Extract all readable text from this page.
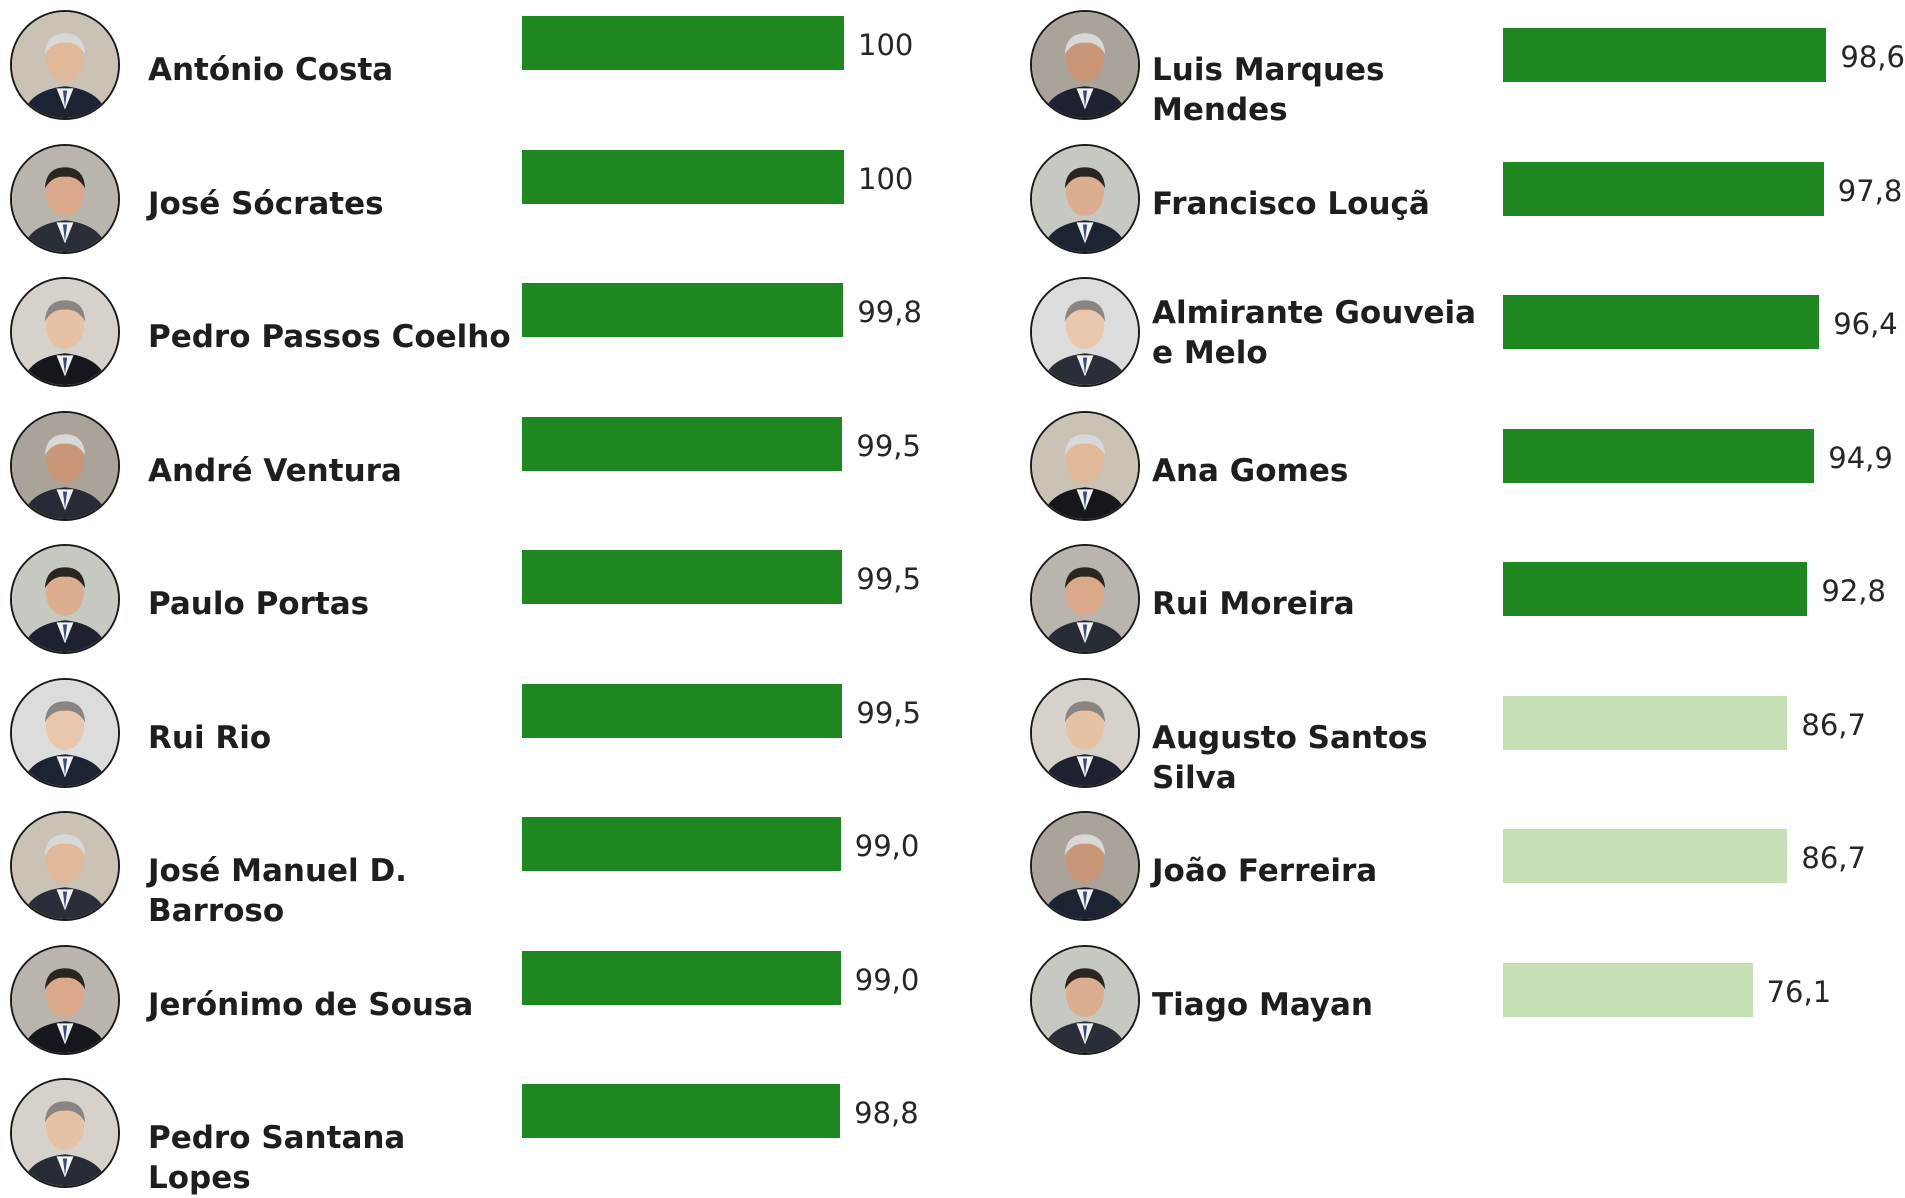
António Costa
100
José Sócrates
100
Pedro Passos Coelho
99,8
André Ventura
99,5
Paulo Portas
99,5
Rui Rio
99,5
José Manuel D. Barroso
99,0
Jerónimo de Sousa
99,0
Pedro Santana Lopes
98,8
Luis Marques Mendes
98,6
Francisco Louçã	97,8
Almirante Gouveia e Melo
96,4
Ana Gomes	94,9
Rui Moreira	92,8
Augusto Santos Silva
86,7
João Ferreira	86,7
Tiago Mayan	76,1
